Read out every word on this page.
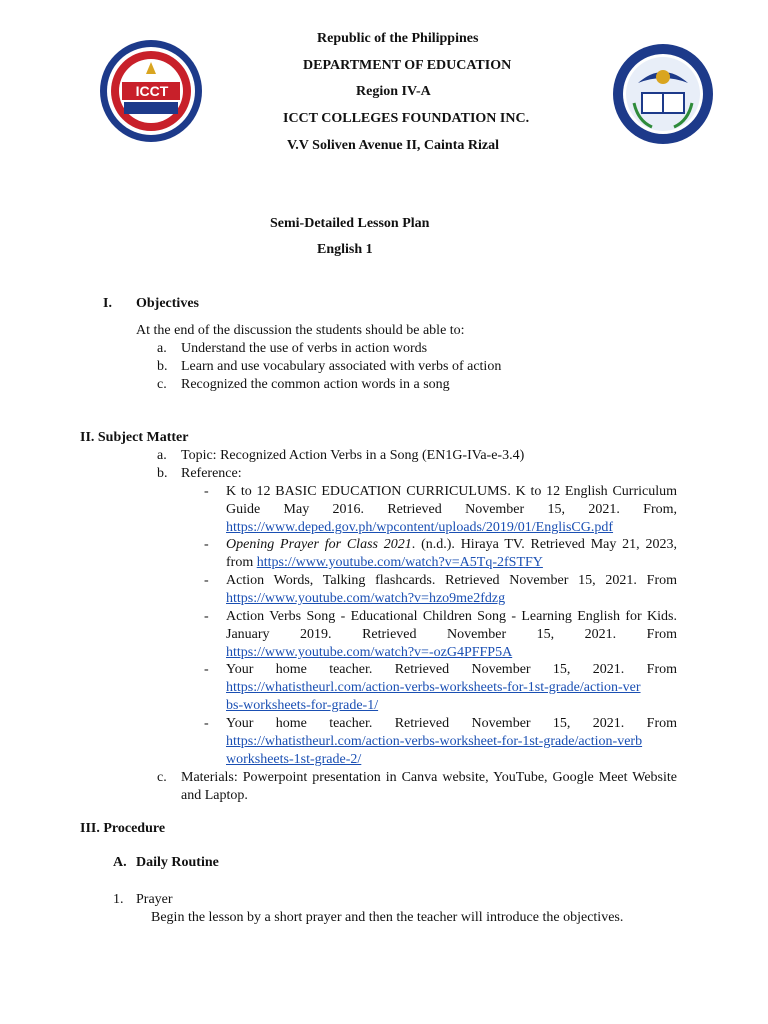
ICCT
Republic of the Philippines
DEPARTMENT OF EDUCATION
Region IV-A
ICCT COLLEGES FOUNDATION INC.
V.V Soliven Avenue II, Cainta Rizal
Semi-Detailed Lesson Plan
English 1
I. Objectives
At the end of the discussion the students should be able to:
a. Understand the use of verbs in action words
b. Learn and use vocabulary associated with verbs of action
c. Recognized the common action words in a song
II. Subject Matter
a. Topic: Recognized Action Verbs in a Song (EN1G-IVa-e-3.4)
b. Reference:
- K to 12 BASIC EDUCATION CURRICULUMS. K to 12 English Curriculum Guide May 2016. Retrieved November 15, 2021. From, https://www.deped.gov.ph/wpcontent/uploads/2019/01/EnglisCG.pdf
- Opening Prayer for Class 2021. (n.d.). Hiraya TV. Retrieved May 21, 2023, from https://www.youtube.com/watch?v=A5Tq-2fSTFY
- Action Words, Talking flashcards. Retrieved November 15, 2021. From https://www.youtube.com/watch?v=hzo9me2fdzg
- Action Verbs Song - Educational Children Song - Learning English for Kids. January 2019. Retrieved November 15, 2021. From https://www.youtube.com/watch?v=-ozG4PFFP5A
- Your home teacher. Retrieved November 15, 2021. From
https://whatistheurl.com/action-verbs-worksheets-for-1st-grade/action-ver
bs-worksheets-for-grade-1/
- Your home teacher. Retrieved November 15, 2021. From
https://whatistheurl.com/action-verbs-worksheet-for-1st-grade/action-verb
worksheets-1st-grade-2/
c. Materials: Powerpoint presentation in Canva website, YouTube, Google Meet Website and Laptop.
III. Procedure
A. Daily Routine
1. Prayer
Begin the lesson by a short prayer and then the teacher will introduce the objectives.
